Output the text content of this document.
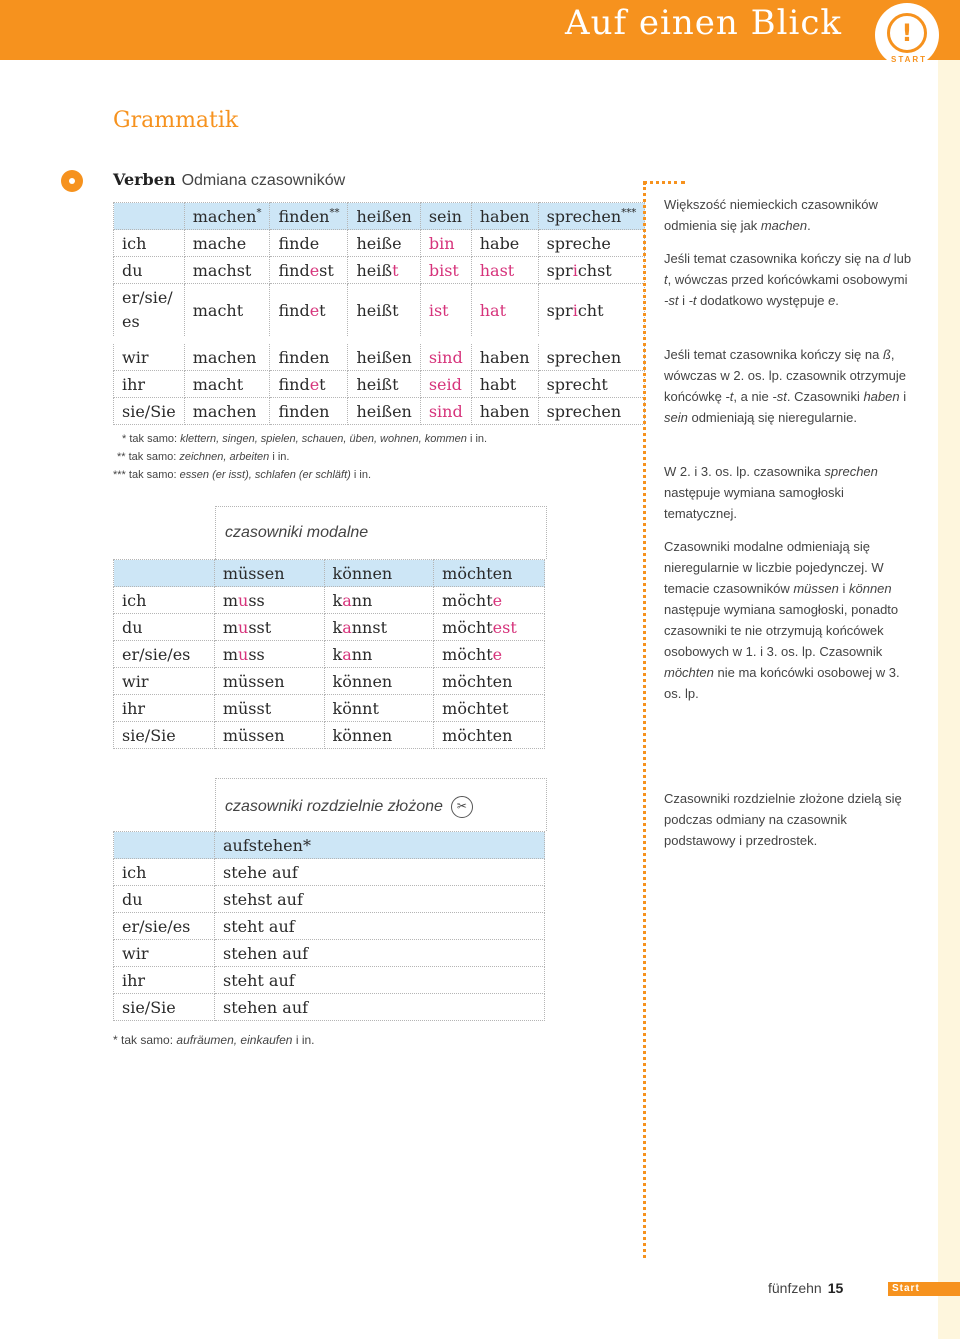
Auf einen Blick	!
START
Grammatik
Verben Odmiana czasowników
	machen*	finden**	heißen	sein	haben	sprechen***
ich	mache	finde	heiße	bin	habe	spreche
du	machst	findest	heißt	bist	hast	sprichst
er/sie/ es	macht	findet	heißt	ist	hat	spricht
wir	machen	finden	heißen	sind	haben	sprechen
ihr	macht	findet	heißt	seid	habt	sprecht
sie/Sie	machen	finden	heißen	sind	haben	sprechen
* tak samo: klettern, singen, spielen, schauen, üben, wohnen, kommen i in.
** tak samo: zeichnen, arbeiten i in.
*** tak samo: essen (er isst), schlafen (er schläft) i in.
czasowniki modalne
	müssen	können	möchten
ich	muss	kann	möchte
du	musst	kannst	möchtest
er/sie/es	muss	kann	möchte
wir	müssen	können	möchten
ihr	müsst	könnt	möchtet
sie/Sie	müssen	können	möchten
czasowniki rozdzielnie złożone ✂
	aufstehen*
ich	stehe auf
du	stehst auf
er/sie/es	steht auf
wir	stehen auf
ihr	steht auf
sie/Sie	stehen auf
* tak samo: aufräumen, einkaufen i in.
Większość niemieckich czasowników odmienia się jak machen.
Jeśli temat czasownika kończy się na d lub t, wówczas przed końcówkami osobowymi -st i -t dodatkowo występuje e.
Jeśli temat czasownika kończy się na ß, wówczas w 2. os. lp. czasownik otrzymuje końcówkę -t, a nie -st. Czasowniki haben i sein odmieniają się nieregularnie.
W 2. i 3. os. lp. czasownika sprechen następuje wymiana samogłoski tematycznej.
Czasowniki modalne odmieniają się nieregularnie w liczbie pojedynczej. W temacie czasowników müssen i können następuje wymiana samogłoski, ponadto czasowniki te nie otrzymują końcówek osobowych w 1. i 3. os. lp. Czasownik möchten nie ma końcówki osobowej w 3. os. lp.
Czasowniki rozdzielnie złożone dzielą się podczas odmiany na czasownik podstawowy i przedrostek.
fünfzehn 15	Start
